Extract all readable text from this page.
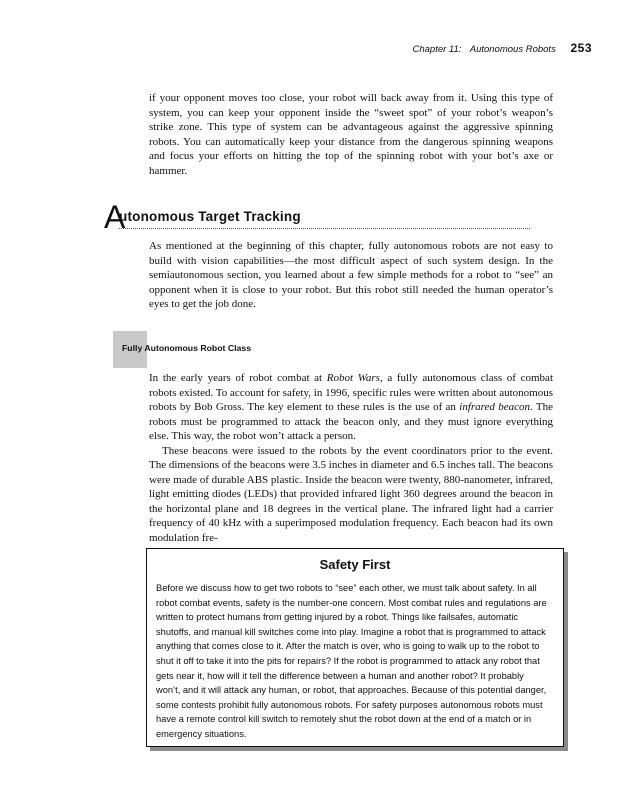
Chapter 11: Autonomous Robots 253

if your opponent moves too close, your robot will back away from it. Using this type of system, you can keep your opponent inside the “sweet spot” of your robot’s weapon’s strike zone. This type of system can be advantageous against the aggressive spinning robots. You can automatically keep your distance from the dangerous spinning weapons and focus your efforts on hitting the top of the spinning robot with your bot’s axe or hammer.

A
utonomous Target Tracking

As mentioned at the beginning of this chapter, fully autonomous robots are not easy to build with vision capabilities—the most difficult aspect of such system design. In the semiautonomous section, you learned about a few simple methods for a robot to “see” an opponent when it is close to your robot. But this robot still needed the human operator’s eyes to get the job done.

Fully Autonomous Robot Class

In the early years of robot combat at Robot Wars, a fully autonomous class of combat robots existed. To account for safety, in 1996, specific rules were written about autonomous robots by Bob Gross. The key element to these rules is the use of an infrared beacon. The robots must be programmed to attack the beacon only, and they must ignore everything else. This way, the robot won’t attack a person.

These beacons were issued to the robots by the event coordinators prior to the event. The dimensions of the beacons were 3.5 inches in diameter and 6.5 inches tall. The beacons were made of durable ABS plastic. Inside the beacon were twenty, 880-nanometer, infrared, light emitting diodes (LEDs) that provided infrared light 360 degrees around the beacon in the horizontal plane and 18 degrees in the vertical plane. The infrared light had a carrier frequency of 40 kHz with a superimposed modulation frequency. Each beacon had its own modulation fre-

Safety First

Before we discuss how to get two robots to “see” each other, we must talk about safety. In all robot combat events, safety is the number-one concern. Most combat rules and regulations are written to protect humans from getting injured by a robot. Things like failsafes, automatic shutoffs, and manual kill switches come into play. Imagine a robot that is programmed to attack anything that comes close to it. After the match is over, who is going to walk up to the robot to shut it off to take it into the pits for repairs? If the robot is programmed to attack any robot that gets near it, how will it tell the difference between a human and another robot? It probably won’t, and it will attack any human, or robot, that approaches. Because of this potential danger, some contests prohibit fully autonomous robots. For safety purposes autonomous robots must have a remote control kill switch to remotely shut the robot down at the end of a match or in emergency situations.
